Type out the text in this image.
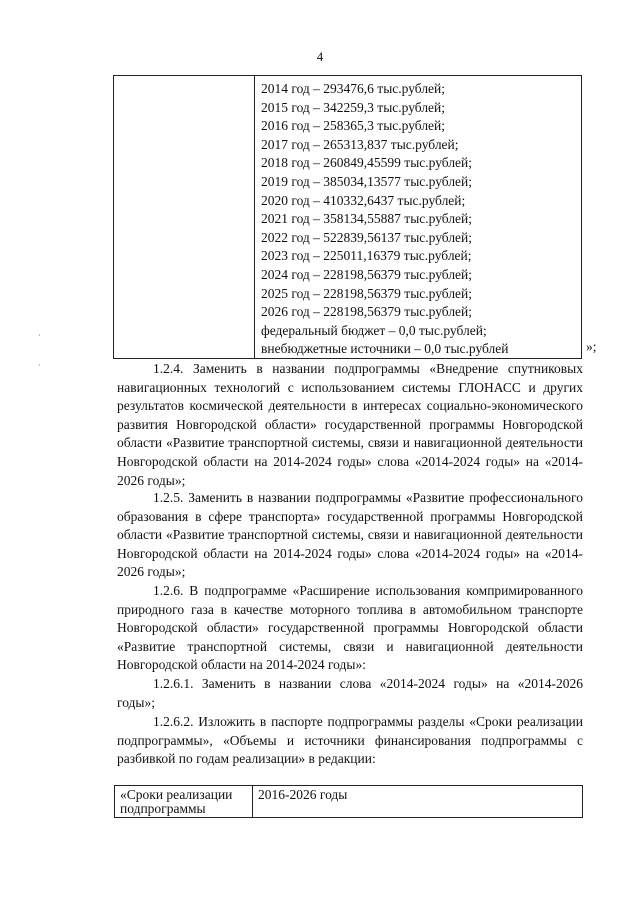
4
2014 год – 293476,6 тыс.рублей;
2015 год – 342259,3 тыс.рублей;
2016 год – 258365,3 тыс.рублей;
2017 год – 265313,837 тыс.рублей;
2018 год – 260849,45599 тыс.рублей;
2019 год – 385034,13577 тыс.рублей;
2020 год – 410332,6437 тыс.рублей;
2021 год – 358134,55887 тыс.рублей;
2022 год – 522839,56137 тыс.рублей;
2023 год – 225011,16379 тыс.рублей;
2024 год – 228198,56379 тыс.рублей;
2025 год – 228198,56379 тыс.рублей;
2026 год – 228198,56379 тыс.рублей;
федеральный бюджет – 0,0 тыс.рублей;
внебюджетные источники – 0,0 тыс.рублей	»;
·

·	1.2.4. Заменить в названии подпрограммы «Внедрение спутниковых навигационных технологий с использованием системы ГЛОНАСС и других результатов космической деятельности в интересах социально-экономического развития Новгородской области» государственной программы Новгородской области «Развитие транспортной системы, связи и навигационной деятельности Новгородской области на 2014-2024 годы» слова «2014-2024 годы» на «2014-2026 годы»;

1.2.5. Заменить в названии подпрограммы «Развитие профессионального образования в сфере транспорта» государственной программы Новгородской области «Развитие транспортной системы, связи и навигационной деятельности Новгородской области на 2014-2024 годы» слова «2014-2024 годы» на «2014-2026 годы»;

1.2.6. В подпрограмме «Расширение использования компримированного природного газа в качестве моторного топлива в автомобильном транспорте Новгородской области» государственной программы Новгородской области «Развитие транспортной системы, связи и навигационной деятельности Новгородской области на 2014-2024 годы»:

1.2.6.1. Заменить в названии слова «2014-2024 годы» на «2014-2026 годы»;

1.2.6.2. Изложить в паспорте подпрограммы разделы «Сроки реализации подпрограммы», «Объемы и источники финансирования подпрограммы с разбивкой по годам реализации» в редакции:

«Сроки реализации подпрограммы
2016-2026 годы
